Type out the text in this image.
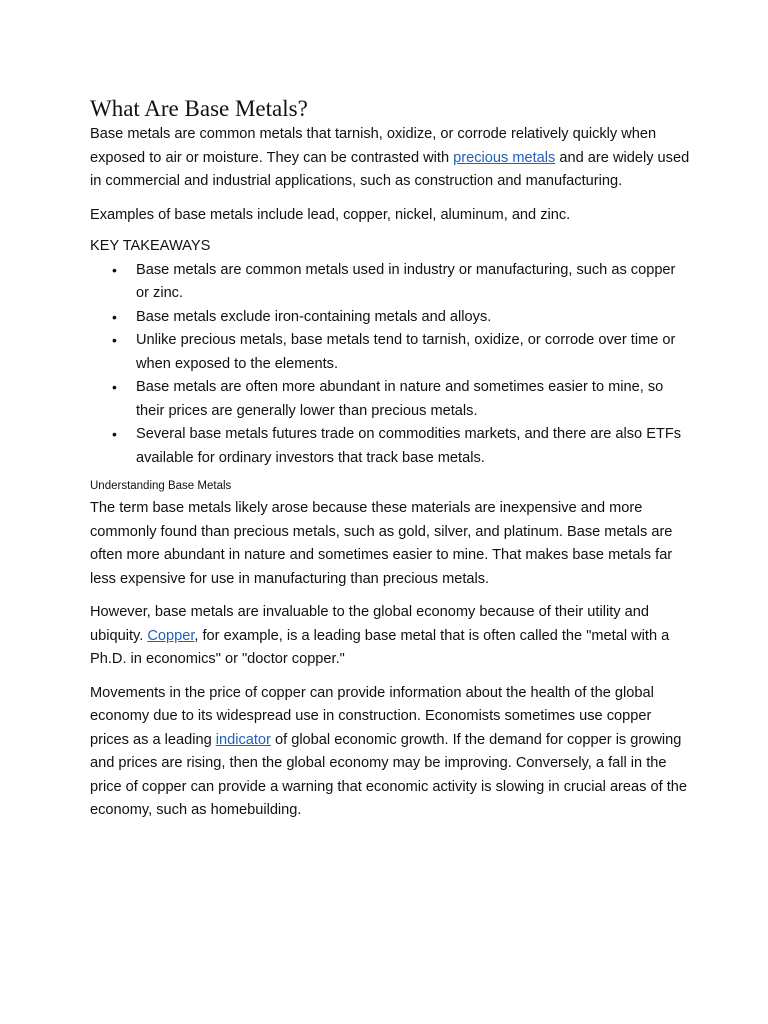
What Are Base Metals?

Base metals are common metals that tarnish, oxidize, or corrode relatively quickly when exposed to air or moisture. They can be contrasted with precious metals and are widely used in commercial and industrial applications, such as construction and manufacturing.

Examples of base metals include lead, copper, nickel, aluminum, and zinc.

KEY TAKEAWAYS
• Base metals are common metals used in industry or manufacturing, such as copper or zinc.
• Base metals exclude iron-containing metals and alloys.
• Unlike precious metals, base metals tend to tarnish, oxidize, or corrode over time or when exposed to the elements.
• Base metals are often more abundant in nature and sometimes easier to mine, so their prices are generally lower than precious metals.
• Several base metals futures trade on commodities markets, and there are also ETFs available for ordinary investors that track base metals.
Understanding Base Metals

The term base metals likely arose because these materials are inexpensive and more commonly found than precious metals, such as gold, silver, and platinum. Base metals are often more abundant in nature and sometimes easier to mine. That makes base metals far less expensive for use in manufacturing than precious metals.

However, base metals are invaluable to the global economy because of their utility and ubiquity. Copper, for example, is a leading base metal that is often called the "metal with a Ph.D. in economics" or "doctor copper."

Movements in the price of copper can provide information about the health of the global economy due to its widespread use in construction. Economists sometimes use copper prices as a leading indicator of global economic growth. If the demand for copper is growing and prices are rising, then the global economy may be improving. Conversely, a fall in the price of copper can provide a warning that economic activity is slowing in crucial areas of the economy, such as homebuilding.
